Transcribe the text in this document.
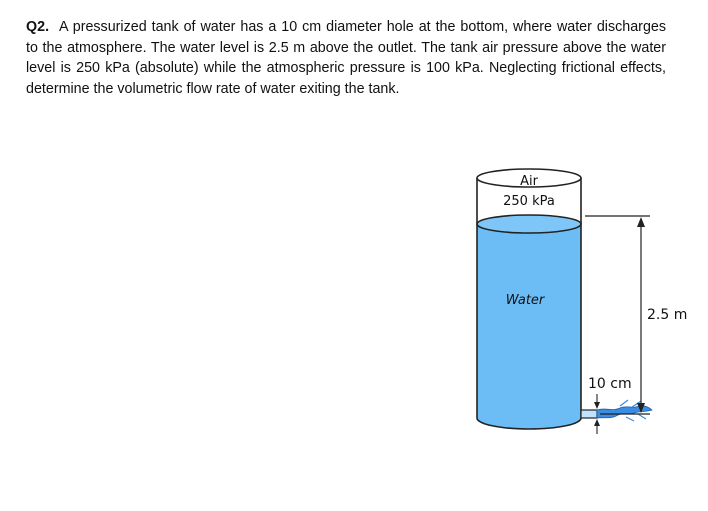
Q2. A pressurized tank of water has a 10 cm diameter hole at the bottom, where water discharges to the atmosphere. The water level is 2.5 m above the outlet. The tank air pressure above the water level is 250 kPa (absolute) while the atmospheric pressure is 100 kPa. Neglecting frictional effects, determine the volumetric flow rate of water exiting the tank.

Air
250 kPa
Water
2.5 m
10 cm
